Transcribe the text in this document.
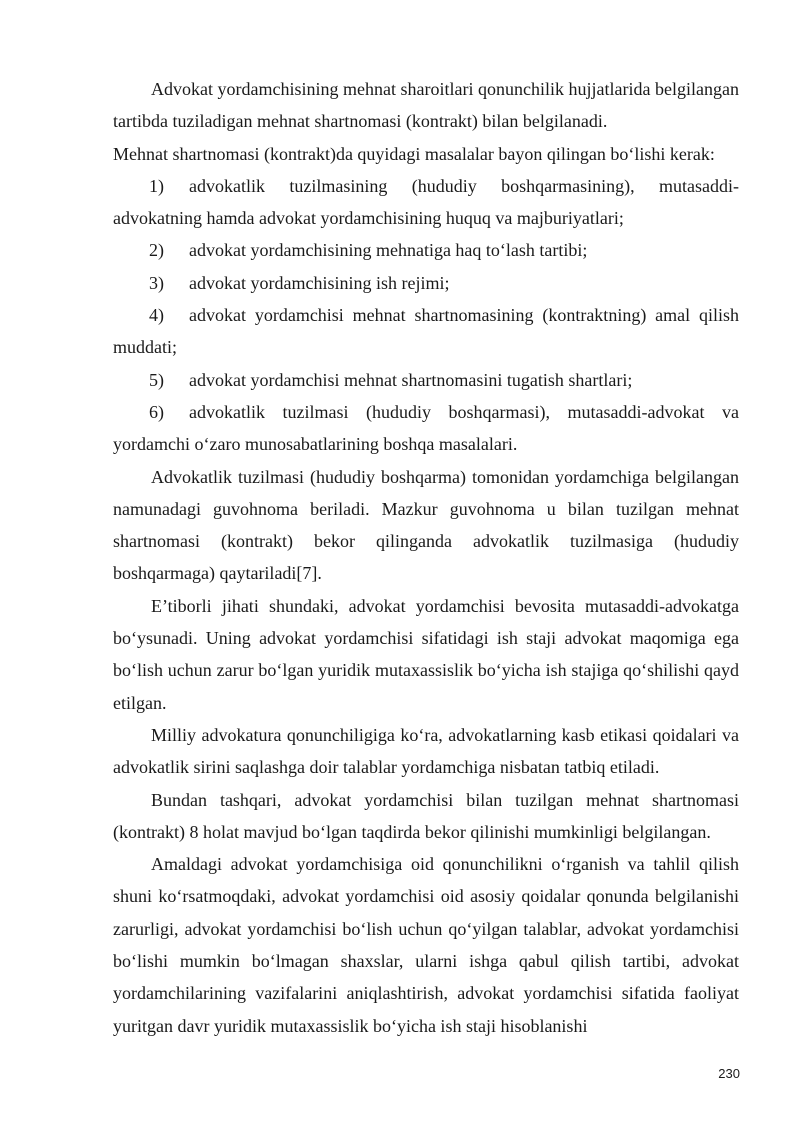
Advokat yordamchisining mehnat sharoitlari qonunchilik hujjatlarida belgilangan tartibda tuziladigan mehnat shartnomasi (kontrakt) bilan belgilanadi.

Mehnat shartnomasi (kontrakt)da quyidagi masalalar bayon qilingan bo‘lishi kerak:

1) advokatlik tuzilmasining (hududiy boshqarmasining), mutasaddi-advokatning hamda advokat yordamchisining huquq va majburiyatlari;

2) advokat yordamchisining mehnatiga haq to‘lash tartibi;

3) advokat yordamchisining ish rejimi;

4) advokat yordamchisi mehnat shartnomasining (kontraktning) amal qilish muddati;

5) advokat yordamchisi mehnat shartnomasini tugatish shartlari;

6) advokatlik tuzilmasi (hududiy boshqarmasi), mutasaddi-advokat va yordamchi o‘zaro munosabatlarining boshqa masalalari.

Advokatlik tuzilmasi (hududiy boshqarma) tomonidan yordamchiga belgilangan namunadagi guvohnoma beriladi. Mazkur guvohnoma u bilan tuzilgan mehnat shartnomasi (kontrakt) bekor qilinganda advokatlik tuzilmasiga (hududiy boshqarmaga) qaytariladi[7].

E’tiborli jihati shundaki, advokat yordamchisi bevosita mutasaddi-advokatga bo‘ysunadi. Uning advokat yordamchisi sifatidagi ish staji advokat maqomiga ega bo‘lish uchun zarur bo‘lgan yuridik mutaxassislik bo‘yicha ish stajiga qo‘shilishi qayd etilgan.

Milliy advokatura qonunchiligiga ko‘ra, advokatlarning kasb etikasi qoidalari va advokatlik sirini saqlashga doir talablar yordamchiga nisbatan tatbiq etiladi.

Bundan tashqari, advokat yordamchisi bilan tuzilgan mehnat shartnomasi (kontrakt) 8 holat mavjud bo‘lgan taqdirda bekor qilinishi mumkinligi belgilangan.

Amaldagi advokat yordamchisiga oid qonunchilikni o‘rganish va tahlil qilish shuni ko‘rsatmoqdaki, advokat yordamchisi oid asosiy qoidalar qonunda belgilanishi zarurligi, advokat yordamchisi bo‘lish uchun qo‘yilgan talablar, advokat yordamchisi bo‘lishi mumkin bo‘lmagan shaxslar, ularni ishga qabul qilish tartibi, advokat yordamchilarining vazifalarini aniqlashtirish, advokat yordamchisi sifatida faoliyat yuritgan davr yuridik mutaxassislik bo‘yicha ish staji hisoblanishi

230
